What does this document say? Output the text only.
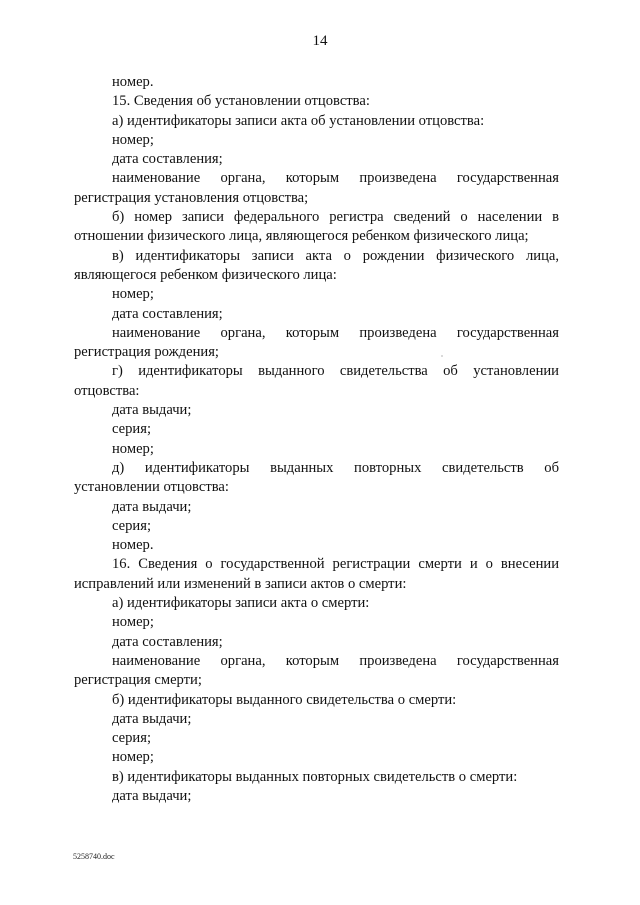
14

номер.

15. Сведения об установлении отцовства:

а) идентификаторы записи акта об установлении отцовства:

номер;

дата составления;

наименование органа, которым произведена государственная регистрация установления отцовства;

б) номер записи федерального регистра сведений о населении в отношении физического лица, являющегося ребенком физического лица;

в) идентификаторы записи акта о рождении физического лица, являющегося ребенком физического лица:

номер;

дата составления;

наименование органа, которым произведена государственная регистрация рождения;

г) идентификаторы выданного свидетельства об установлении отцовства:

дата выдачи;

серия;

номер;

д) идентификаторы выданных повторных свидетельств об установлении отцовства:

дата выдачи;

серия;

номер.

16. Сведения о государственной регистрации смерти и о внесении исправлений или изменений в записи актов о смерти:

а) идентификаторы записи акта о смерти:

номер;

дата составления;

наименование органа, которым произведена государственная регистрация смерти;

б) идентификаторы выданного свидетельства о смерти:

дата выдачи;

серия;

номер;

в) идентификаторы выданных повторных свидетельств о смерти:

дата выдачи;

5258740.doc
